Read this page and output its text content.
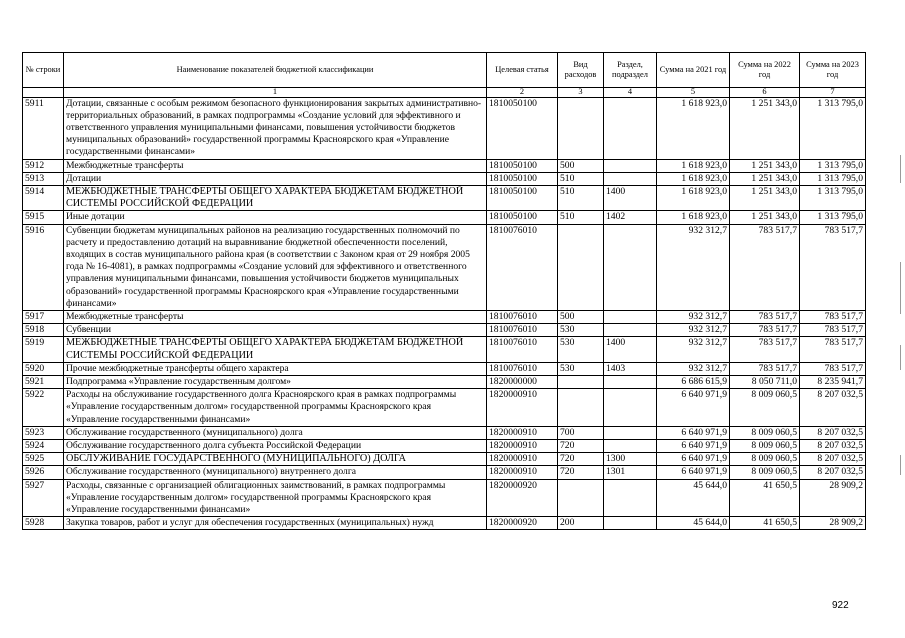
№ строки	Наименование показателей бюджетной классификации	Целевая статья	Вид расходов	Раздел, подраздел	Сумма на 2021 год	Сумма на 2022 год	Сумма на 2023 год
	1	2	3	4	5	6	7
5911	Дотации, связанные с особым режимом безопасного функционирования закрытых административно-территориальных образований, в рамках подпрограммы «Создание условий для эффективного и ответственного управления муниципальными финансами, повышения устойчивости бюджетов муниципальных образований» государственной программы Красноярского края «Управление государственными финансами»	1810050100			1 618 923,0	1 251 343,0	1 313 795,0
5912	Межбюджетные трансферты	1810050100	500		1 618 923,0	1 251 343,0	1 313 795,0
5913	Дотации	1810050100	510		1 618 923,0	1 251 343,0	1 313 795,0
5914	МЕЖБЮДЖЕТНЫЕ ТРАНСФЕРТЫ ОБЩЕГО ХАРАКТЕРА БЮДЖЕТАМ БЮДЖЕТНОЙ СИСТЕМЫ РОССИЙСКОЙ ФЕДЕРАЦИИ	1810050100	510	1400	1 618 923,0	1 251 343,0	1 313 795,0
5915	Иные дотации	1810050100	510	1402	1 618 923,0	1 251 343,0	1 313 795,0
5916	Субвенции бюджетам муниципальных районов на реализацию государственных полномочий по расчету и предоставлению дотаций на выравнивание бюджетной обеспеченности поселений, входящих в состав муниципального района края (в соответствии с Законом края от 29 ноября 2005 года № 16-4081), в рамках подпрограммы «Создание условий для эффективного и ответственного управления муниципальными финансами, повышения устойчивости бюджетов муниципальных образований» государственной программы Красноярского края «Управление государственными финансами»	1810076010			932 312,7	783 517,7	783 517,7
5917	Межбюджетные трансферты	1810076010	500		932 312,7	783 517,7	783 517,7
5918	Субвенции	1810076010	530		932 312,7	783 517,7	783 517,7
5919	МЕЖБЮДЖЕТНЫЕ ТРАНСФЕРТЫ ОБЩЕГО ХАРАКТЕРА БЮДЖЕТАМ БЮДЖЕТНОЙ СИСТЕМЫ РОССИЙСКОЙ ФЕДЕРАЦИИ	1810076010	530	1400	932 312,7	783 517,7	783 517,7
5920	Прочие межбюджетные трансферты общего характера	1810076010	530	1403	932 312,7	783 517,7	783 517,7
5921	Подпрограмма «Управление государственным долгом»	1820000000			6 686 615,9	8 050 711,0	8 235 941,7
5922	Расходы на обслуживание государственного долга Красноярского края в рамках подпрограммы «Управление государственным долгом» государственной программы Красноярского края «Управление государственными финансами»	1820000910			6 640 971,9	8 009 060,5	8 207 032,5
5923	Обслуживание государственного (муниципального) долга	1820000910	700		6 640 971,9	8 009 060,5	8 207 032,5
5924	Обслуживание государственного долга субъекта Российской Федерации	1820000910	720		6 640 971,9	8 009 060,5	8 207 032,5
5925	ОБСЛУЖИВАНИЕ ГОСУДАРСТВЕННОГО (МУНИЦИПАЛЬНОГО) ДОЛГА	1820000910	720	1300	6 640 971,9	8 009 060,5	8 207 032,5
5926	Обслуживание государственного (муниципального) внутреннего долга	1820000910	720	1301	6 640 971,9	8 009 060,5	8 207 032,5
5927	Расходы, связанные с организацией облигационных заимствований, в рамках подпрограммы «Управление государственным долгом» государственной программы Красноярского края «Управление государственными финансами»	1820000920			45 644,0	41 650,5	28 909,2
5928	Закупка товаров, работ и услуг для обеспечения государственных (муниципальных) нужд	1820000920	200		45 644,0	41 650,5	28 909,2
922
